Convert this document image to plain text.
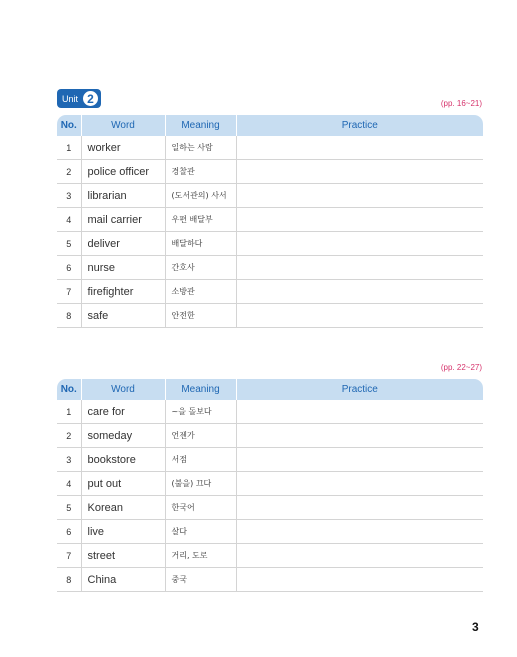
Unit 2	(pp. 16~21)
No.	Word	Meaning	Practice
1	worker	일하는 사람	
2	police officer	경찰관	
3	librarian	(도서관의) 사서	
4	mail carrier	우편 배달부	
5	deliver	배달하다	
6	nurse	간호사	
7	firefighter	소방관	
8	safe	안전한	
(pp. 22~27)
No.	Word	Meaning	Practice
1	care for	~을 돌보다	
2	someday	언젠가	
3	bookstore	서점	
4	put out	(불을) 끄다	
5	Korean	한국어	
6	live	살다	
7	street	거리, 도로	
8	China	중국	
3
